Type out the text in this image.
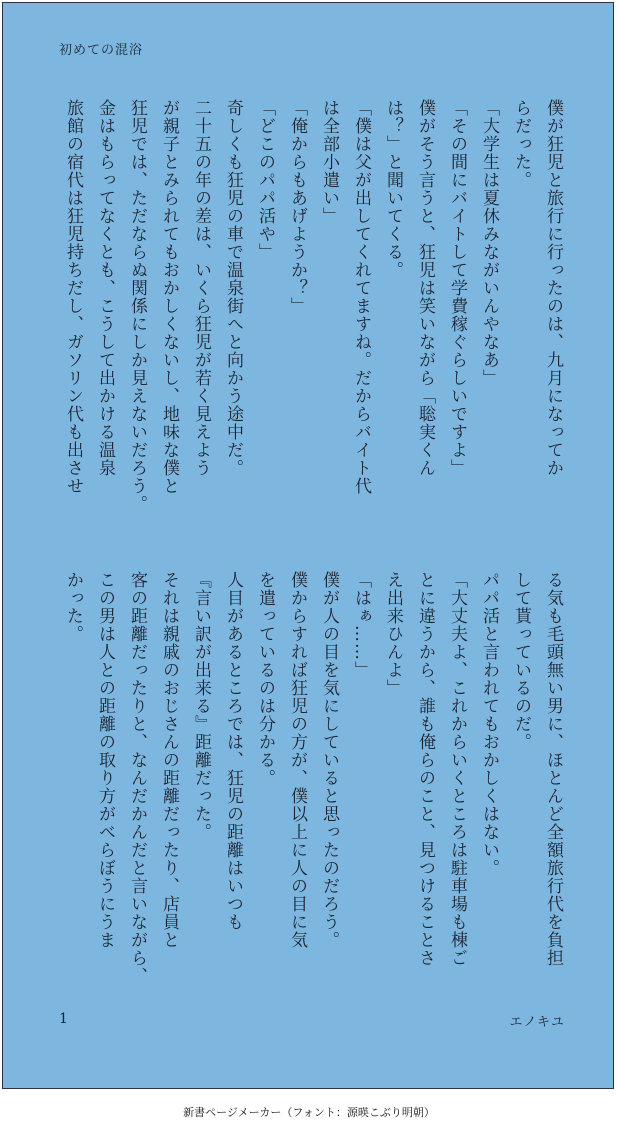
初めての混浴

僕が狂児と旅行に行ったのは、九月になってか

らだった。

「大学生は夏休みながいんやなあ」

「その間にバイトして学費稼ぐらしいですよ」

僕がそう言うと、狂児は笑いながら「聡実くん

は？」と聞いてくる。

「僕は父が出してくれてますね。だからバイト代

は全部小遣い」

「俺からもあげようか？」

「どこのパパ活や」

奇しくも狂児の車で温泉街へと向かう途中だ。

二十五の年の差は、いくら狂児が若く見えよう

が親子とみられてもおかしくないし、地味な僕と

狂児では、ただならぬ関係にしか見えないだろう。

金はもらってなくとも、こうして出かける温泉

旅館の宿代は狂児持ちだし、ガソリン代も出させ

る気も毛頭無い男に、ほとんど全額旅行代を負担

して貰っているのだ。

パパ活と言われてもおかしくはない。

「大丈夫よ、これからいくところは駐車場も棟ご

とに違うから、誰も俺らのこと、見つけることさ

え出来ひんよ」

「はぁ……」

僕が人の目を気にしていると思ったのだろう。

僕からすれば狂児の方が、僕以上に人の目に気

を遣っているのは分かる。

人目があるところでは、狂児の距離はいつも

『言い訳が出来る』距離だった。

それは親戚のおじさんの距離だったり、店員と

客の距離だったりと、なんだかんだと言いながら、

この男は人との距離の取り方がべらぼうにうま

かった。

1	エノキユ
新書ページメーカー（フォント：源暎こぶり明朝）
